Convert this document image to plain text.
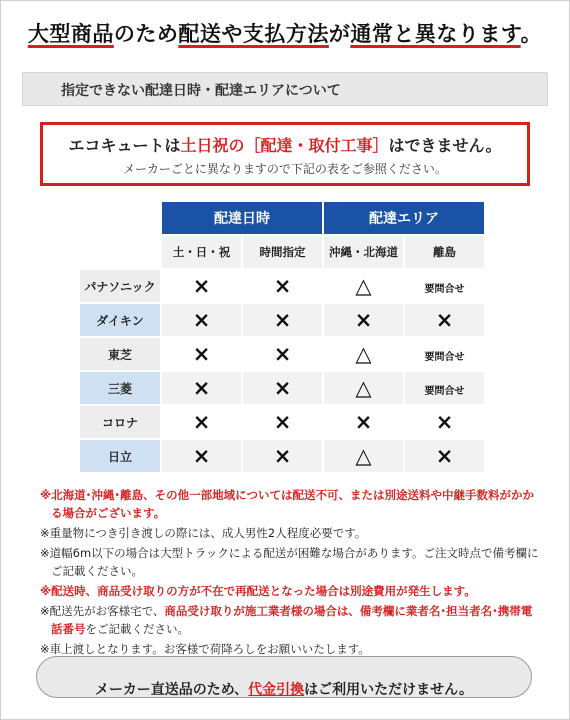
大型商品のため配送や支払方法が通常と異なります。
指定できない配達日時・配達エリアについて
エコキュートは土日祝の［配達・取付工事］はできません。
メーカーごとに異なりますので下記の表をご参照ください。
	配達日時		配達エリア	
	土・日・祝	時間指定	沖縄・北海道	離島
パナソニック	×	×	△	要問合せ
ダイキン	×	×	×	×
東芝	×	×	△	要問合せ
三菱	×	×	△	要問合せ
コロナ	×	×	×	×
日立	×	×	△	×

※北海道･沖縄･離島、その他一部地域については配送不可、または別途送料や中継手数料がかかる場合がございます。

※重量物につき引き渡しの際には、成人男性2人程度必要です。

※道幅6m以下の場合は大型トラックによる配送が困難な場合があります。ご注文時点で備考欄にご記載ください。

※配送時、商品受け取りの方が不在で再配送となった場合は別途費用が発生します。

※配送先がお客様宅で、商品受け取りが施工業者様の場合は、備考欄に業者名･担当者名･携帯電話番号をご記載ください。

※車上渡しとなります。お客様で荷降ろしをお願いいたします。

メーカー直送品のため、代金引換はご利用いただけません。
